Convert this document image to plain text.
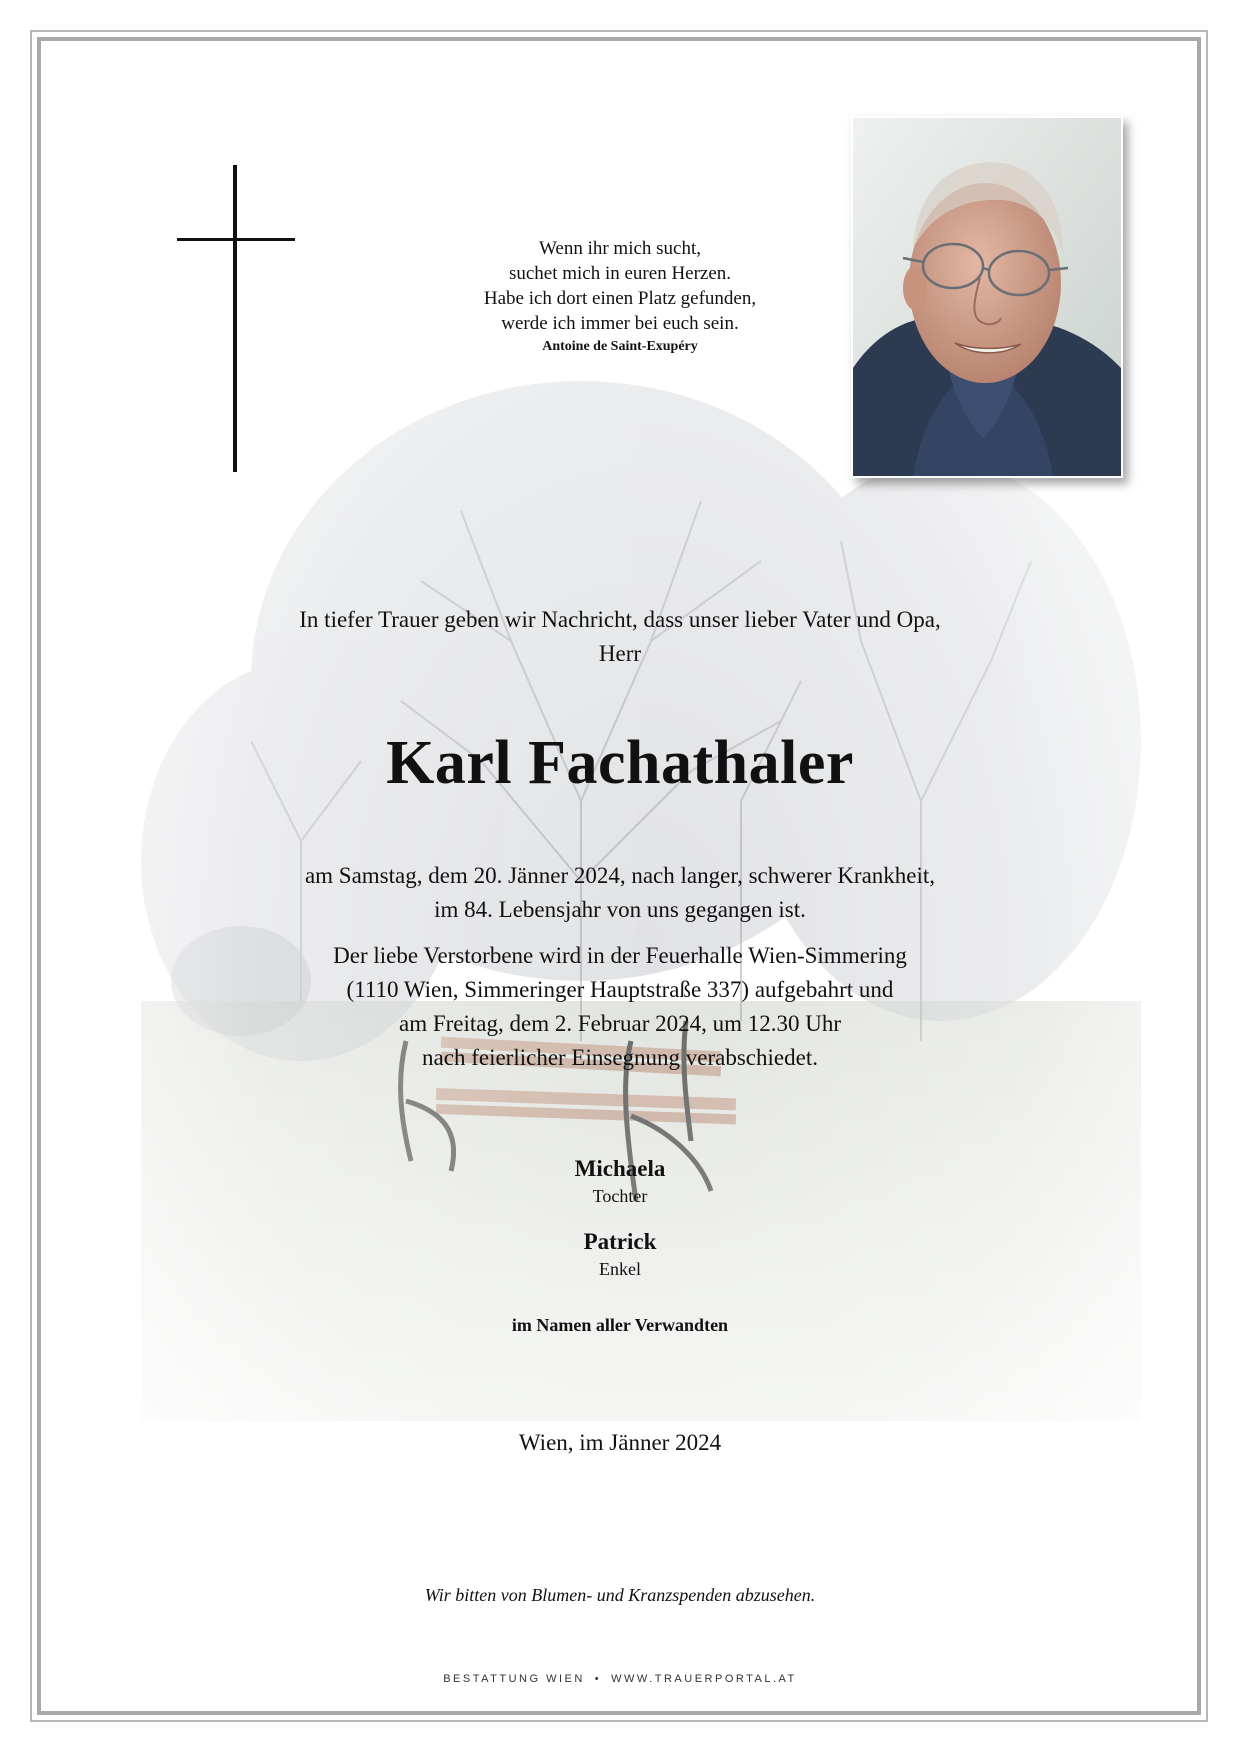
Wenn ihr mich sucht,
suchet mich in euren Herzen.
Habe ich dort einen Platz gefunden,
werde ich immer bei euch sein.
Antoine de Saint-Exupéry
In tiefer Trauer geben wir Nachricht, dass unser lieber Vater und Opa,
Herr
Karl Fachathaler

am Samstag, dem 20. Jänner 2024, nach langer, schwerer Krankheit,

im 84. Lebensjahr von uns gegangen ist.

Der liebe Verstorbene wird in der Feuerhalle Wien-Simmering

(1110 Wien, Simmeringer Hauptstraße 337) aufgebahrt und

am Freitag, dem 2. Februar 2024, um 12.30 Uhr

nach feierlicher Einsegnung verabschiedet.

Michaela
Tochter
Patrick
Enkel
im Namen aller Verwandten
Wien, im Jänner 2024
Wir bitten von Blumen- und Kranzspenden abzusehen.
BESTATTUNG WIEN • WWW.TRAUERPORTAL.AT
